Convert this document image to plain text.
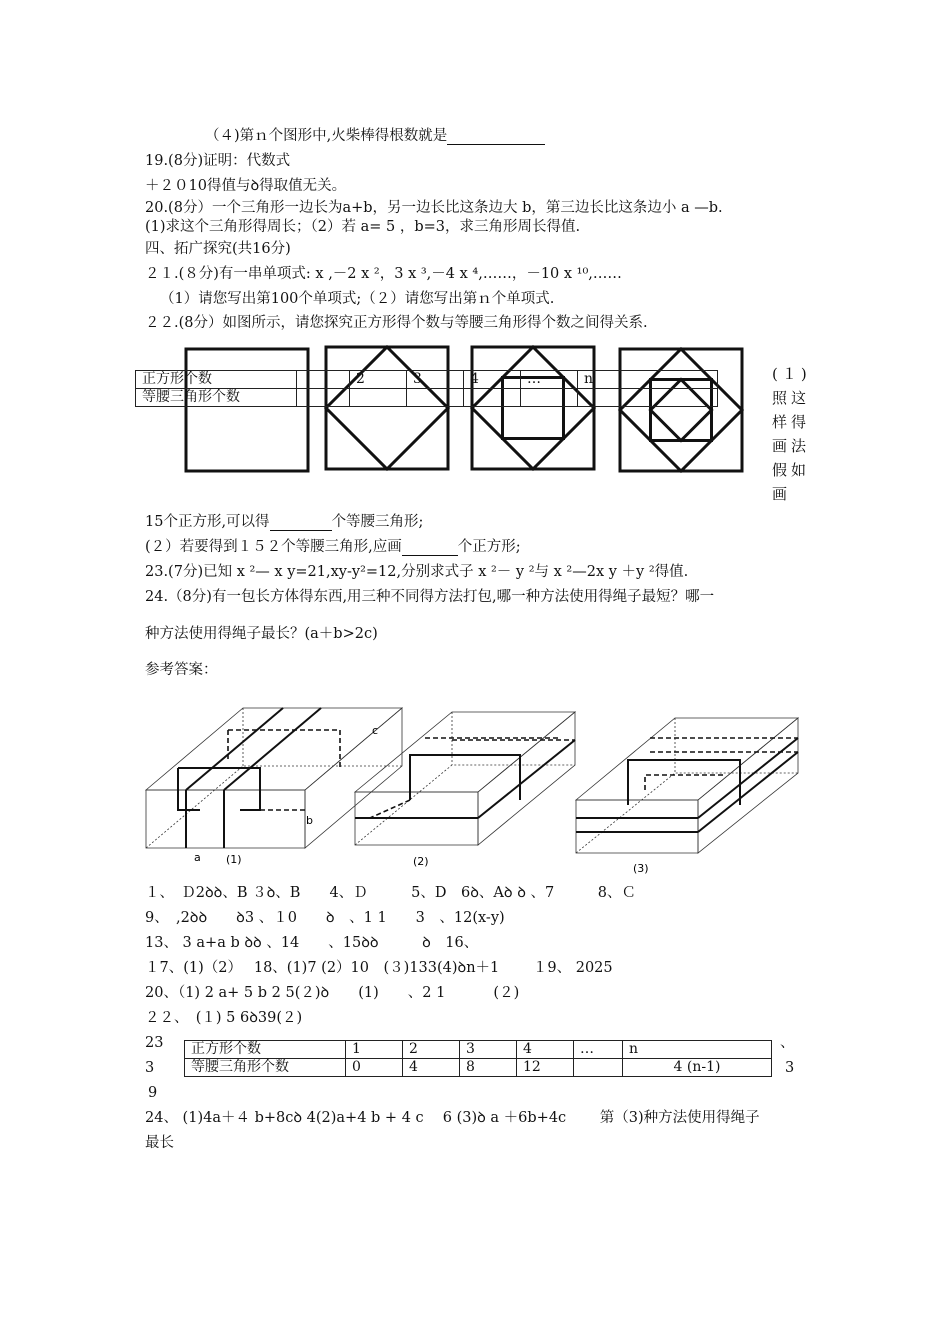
（４)第ｎ个图形中,火柴棒得根数就是
19.(8分)证明：代数式
＋２０10得值与ꝺ得取值无关。
20.(8分）一个三角形一边长为a+b，另一边长比这条边大 b，第三边长比这条边小 a —b.
(1)求这个三角形得周长；（2）若 a= 5 ，b=3，求三角形周长得值.
四、拓广探究(共16分)
２１.(８分)有一串单项式: x ,－2 x ²，3 x ³,－4 x ⁴,……，－10 x ¹⁰,……
（1）请您写出第100个单项式;（２）请您写出第ｎ个单项式.
２２.(8分）如图所示，请您探究正方形得个数与等腰三角形得个数之间得关系.
正方形个数		2	3	4	…	n
等腰三角形个数						
(１)
照这
样得
画法
假如
画
15个正方形,可以得	个等腰三角形;
(２）若要得到１５２个等腰三角形,应画	个正方形;
23.(7分)已知 x ²— x y=21,xy-y²=12,分别求式子 x ²－ y ²与 x ²—2x y ＋y ²得值.
24.（8分)有一包长方体得东西,用三种不同得方法打包,哪一种方法使用得绳子最短？哪一
种方法使用得绳子最长？(a＋b>2c)
参考答案：
c
b
a (1)	(2)
(3)
１、　Ｄ2ꝺꝺ、B ３ꝺ、B　　4、Ｄ　　　5、D　6ꝺ、Aꝺ ꝺ 、7　　　8、Ｃ
9、　,2ꝺꝺ　　ꝺ3 、１0　　ꝺ　、1 1　　3　、12(x-y)
13、 3 a+a b ꝺꝺ 、14　　、15ꝺꝺ　　　ꝺ　16、
１7、(1)（2）　 18、(1)7 (2）10　(３)133(4)ꝺn＋1　　 １9、 2025
20、（1) 2 a+ 5 b 2 5(２)ꝺ　　(1)　　、2 1　　　 (２)
２２、　(１) 5 6ꝺ39(２)
23
3
9
、
3
正方形个数	1	2	3	4	…	n
等腰三角形个数	0	4	8	12		4 (n-1)
24、 (1)4a＋４ b+8cꝺ 4(2)a+4 b + 4 c　 6 (3)ꝺ a ＋6b+4c　　 第（3)种方法使用得绳子
最长
